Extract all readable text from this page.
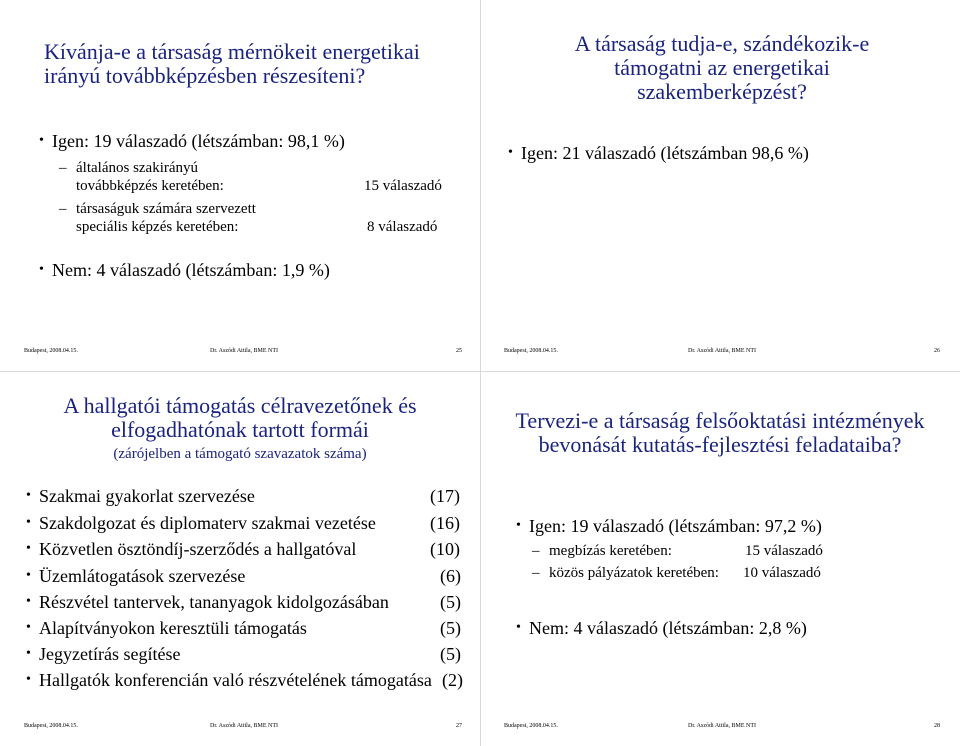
Kívánja-e a társaság mérnökeit energetikai irányú továbbképzésben részesíteni?
• Igen: 19 válaszadó (létszámban: 98,1 %)
– általános szakirányú
továbbképzés keretében:	15 válaszadó
– társaságuk számára szervezett
speciális képzés keretében:	8 válaszadó
• Nem: 4 válaszadó (létszámban: 1,9 %)
Budapest, 2008.04.15.	Dr. Aszódi Attila, BME NTI	25
A társaság tudja-e, szándékozik-e támogatni az energetikai szakemberképzést?
• Igen: 21 válaszadó (létszámban 98,6 %)
Budapest, 2008.04.15.	Dr. Aszódi Attila, BME NTI	26
A hallgatói támogatás célravezetőnek és elfogadhatónak tartott formái
(zárójelben a támogató szavazatok száma)
• Szakmai gyakorlat szervezése	(17)
• Szakdolgozat és diplomaterv szakmai vezetése	(16)
• Közvetlen ösztöndíj-szerződés a hallgatóval	(10)
• Üzemlátogatások szervezése	(6)
• Részvétel tantervek, tananyagok kidolgozásában	(5)
• Alapítványokon keresztüli támogatás	(5)
• Jegyzetírás segítése	(5)
• Hallgatók konferencián való részvételének támogatása (2)
Budapest, 2008.04.15.	Dr. Aszódi Attila, BME NTI	27
Tervezi-e a társaság felsőoktatási intézmények bevonását kutatás-fejlesztési feladataiba?
• Igen: 19 válaszadó (létszámban: 97,2 %)
– megbízás keretében:	15 válaszadó
– közös pályázatok keretében: 10 válaszadó
• Nem: 4 válaszadó (létszámban: 2,8 %)
Budapest, 2008.04.15.	Dr. Aszódi Attila, BME NTI	28
